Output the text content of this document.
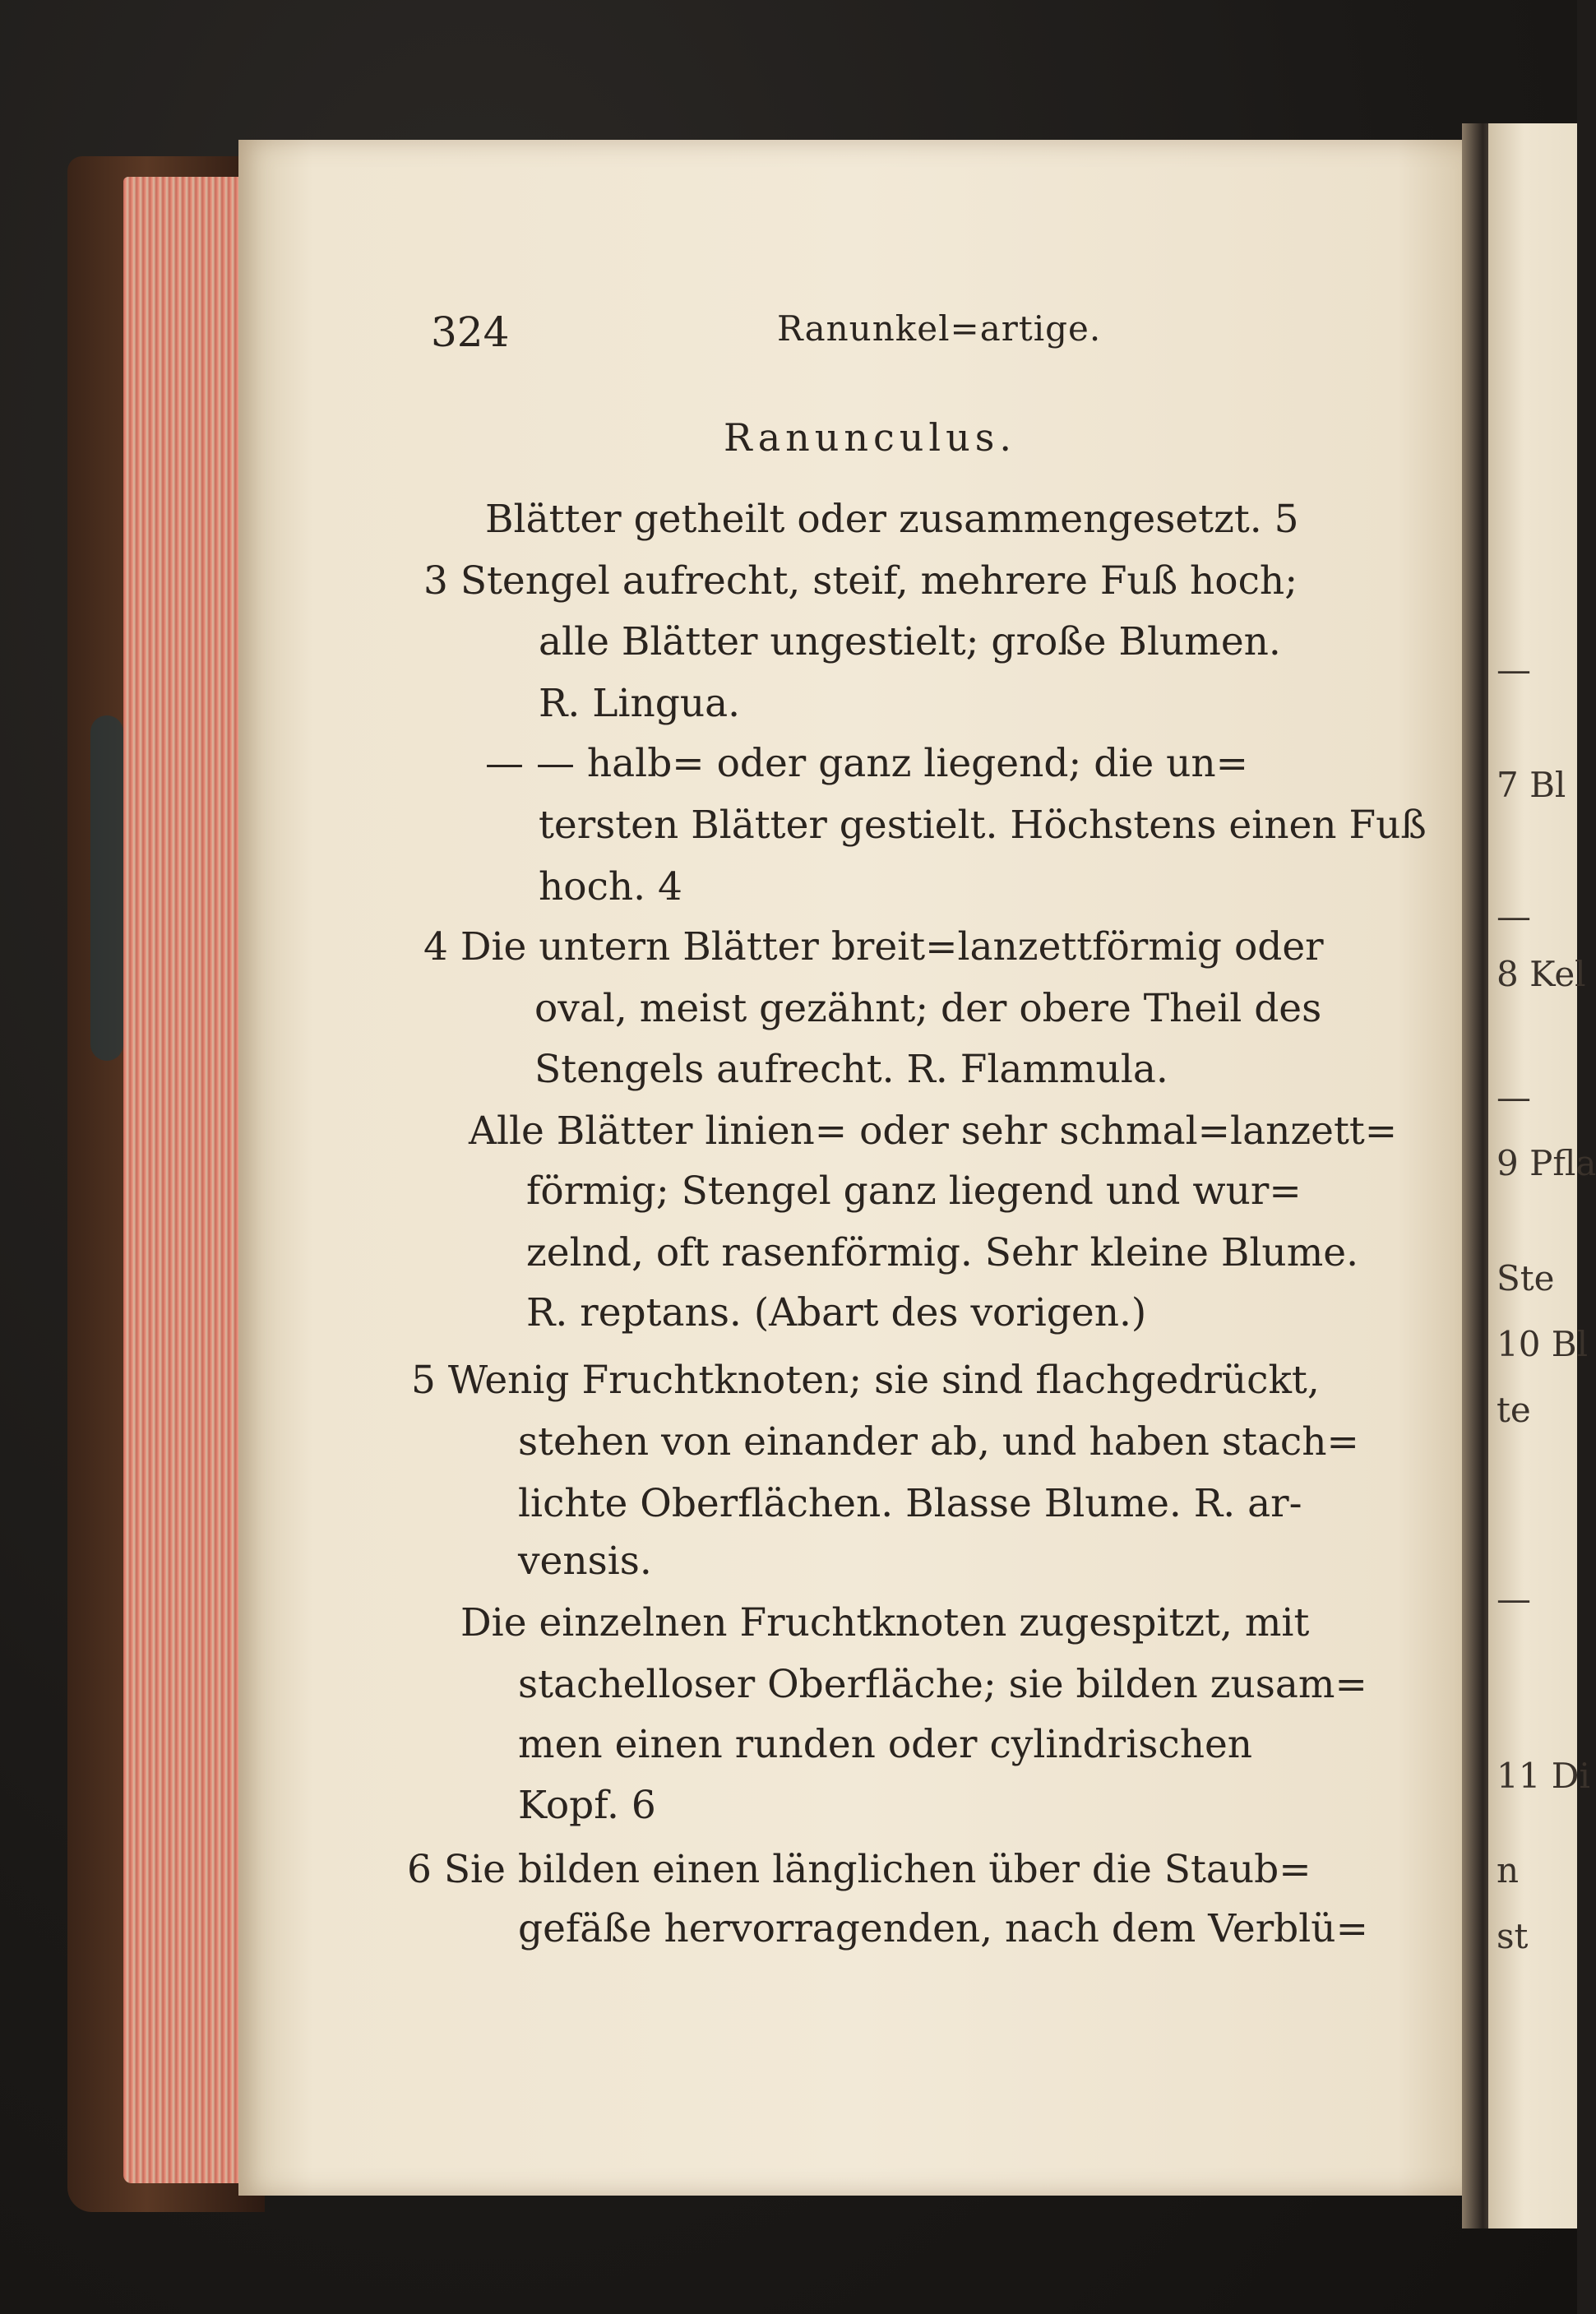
—
7 Bl
—
8 Kel
—
9 Pfla
Ste
10 Bl
te
—
11 Di
n
st
324	Ranunkel=artige.
Ranunculus.
Blätter getheilt oder zusammengesetzt. 5
3 Stengel aufrecht, steif, mehrere Fuß hoch;
alle Blätter ungestielt; große Blumen.
R. Lingua.
— — halb= oder ganz liegend; die un=
tersten Blätter gestielt. Höchstens einen Fuß
hoch. 4
4 Die untern Blätter breit=lanzettförmig oder
oval, meist gezähnt; der obere Theil des
Stengels aufrecht. R. Flammula.
Alle Blätter linien= oder sehr schmal=lanzett=
förmig; Stengel ganz liegend und wur=
zelnd, oft rasenförmig. Sehr kleine Blume.
R. reptans. (Abart des vorigen.)
5 Wenig Fruchtknoten; sie sind flachgedrückt,
stehen von einander ab, und haben stach=
lichte Oberflächen. Blasse Blume. R. ar-
vensis.
Die einzelnen Fruchtknoten zugespitzt, mit
stachelloser Oberfläche; sie bilden zusam=
men einen runden oder cylindrischen
Kopf. 6
6 Sie bilden einen länglichen über die Staub=
gefäße hervorragenden, nach dem Verblü=
